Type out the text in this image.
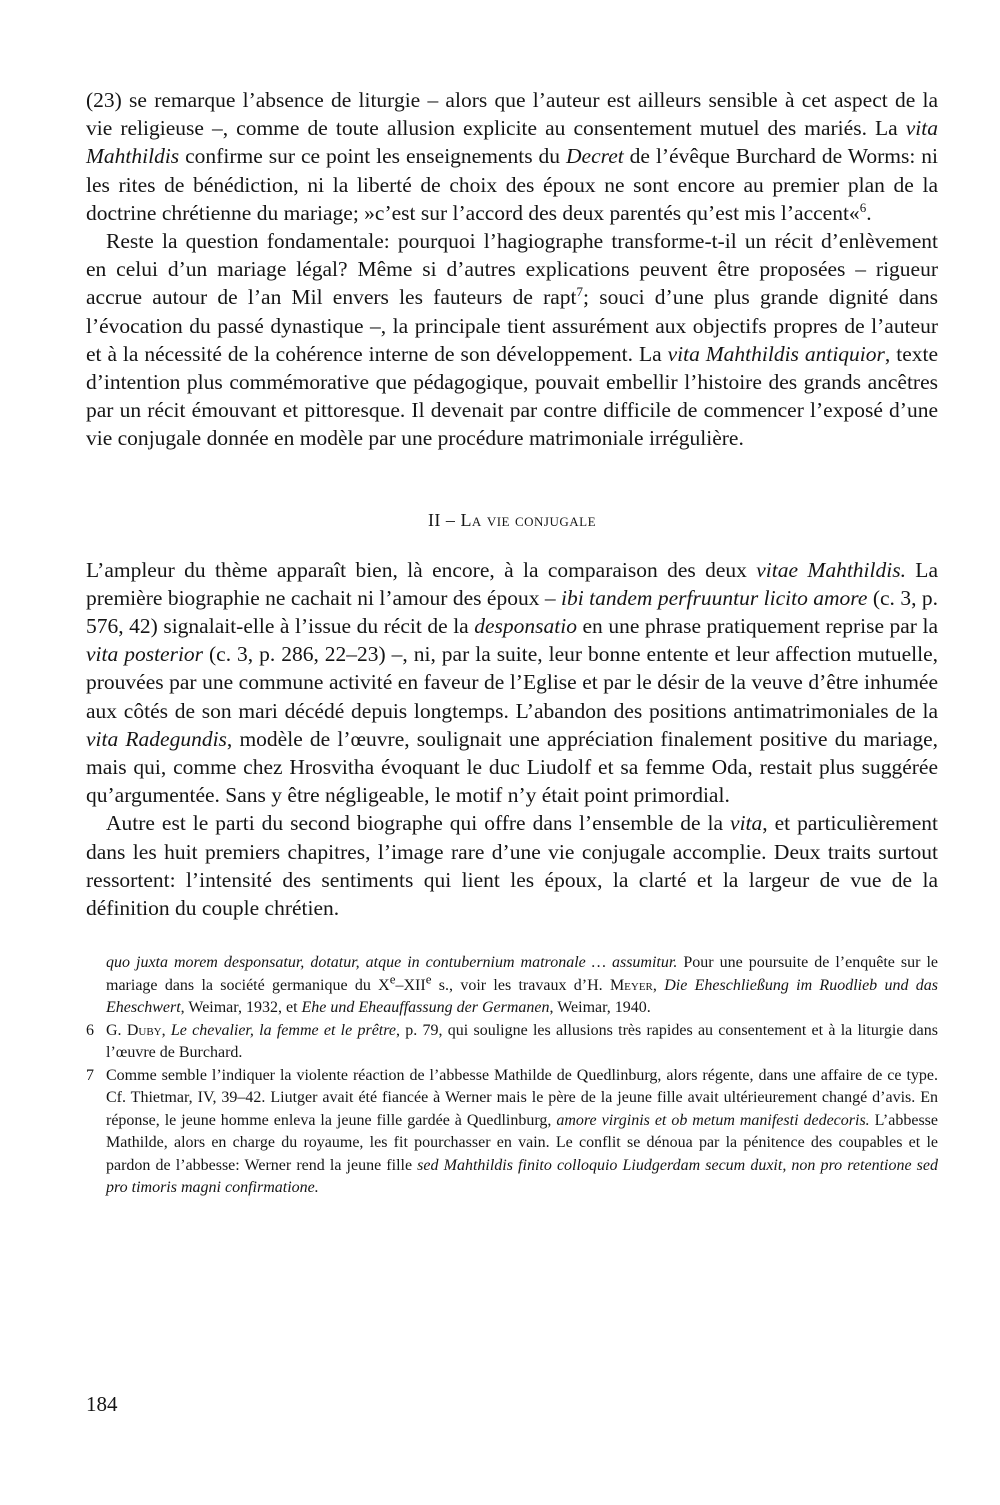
(23) se remarque l’absence de liturgie – alors que l’auteur est ailleurs sensible à cet aspect de la vie religieuse –, comme de toute allusion explicite au consentement mutuel des mariés. La vita Mahthildis confirme sur ce point les enseignements du Decret de l’évêque Burchard de Worms: ni les rites de bénédiction, ni la liberté de choix des époux ne sont encore au premier plan de la doctrine chrétienne du mariage; »c’est sur l’accord des deux parentés qu’est mis l’accent«$^6$.

Reste la question fondamentale: pourquoi l’hagiographe transforme-t-il un récit d’enlèvement en celui d’un mariage légal? Même si d’autres explications peuvent être proposées – rigueur accrue autour de l’an Mil envers les fauteurs de rapt$^7$; souci d’une plus grande dignité dans l’évocation du passé dynastique –, la principale tient assurément aux objectifs propres de l’auteur et à la nécessité de la cohérence interne de son développement. La vita Mahthildis antiquior, texte d’intention plus commémorative que pédagogique, pouvait embellir l’histoire des grands ancêtres par un récit émouvant et pittoresque. Il devenait par contre difficile de commencer l’exposé d’une vie conjugale donnée en modèle par une procédure matrimoniale irrégulière.

II – La vie conjugale

L’ampleur du thème apparaît bien, là encore, à la comparaison des deux vitae Mahthildis. La première biographie ne cachait ni l’amour des époux – ibi tandem perfruuntur licito amore (c. 3, p. 576, 42) signalait-elle à l’issue du récit de la desponsatio en une phrase pratiquement reprise par la vita posterior (c. 3, p. 286, 22–23) –, ni, par la suite, leur bonne entente et leur affection mutuelle, prouvées par une commune activité en faveur de l’Eglise et par le désir de la veuve d’être inhumée aux côtés de son mari décédé depuis longtemps. L’abandon des positions antimatrimoniales de la vita Radegundis, modèle de l’œuvre, soulignait une appréciation finalement positive du mariage, mais qui, comme chez Hrosvitha évoquant le duc Liudolf et sa femme Oda, restait plus suggérée qu’argumentée. Sans y être négligeable, le motif n’y était point primordial.

Autre est le parti du second biographe qui offre dans l’ensemble de la vita, et particulièrement dans les huit premiers chapitres, l’image rare d’une vie conjugale accomplie. Deux traits surtout ressortent: l’intensité des sentiments qui lient les époux, la clarté et la largeur de vue de la définition du couple chrétien.

quo juxta morem desponsatur, dotatur, atque in contubernium matronale … assumitur. Pour une poursuite de l’enquête sur le mariage dans la société germanique du Xe–XIIe s., voir les travaux d’H. Meyer, Die Eheschließung im Ruodlieb und das Eheschwert, Weimar, 1932, et Ehe und Eheauffassung der Germanen, Weimar, 1940.

6 G. Duby, Le chevalier, la femme et le prêtre, p. 79, qui souligne les allusions très rapides au consentement et à la liturgie dans l’œuvre de Burchard.

7 Comme semble l’indiquer la violente réaction de l’abbesse Mathilde de Quedlinburg, alors régente, dans une affaire de ce type. Cf. Thietmar, IV, 39–42. Liutger avait été fiancée à Werner mais le père de la jeune fille avait ultérieurement changé d’avis. En réponse, le jeune homme enleva la jeune fille gardée à Quedlinburg, amore virginis et ob metum manifesti dedecoris. L’abbesse Mathilde, alors en charge du royaume, les fit pourchasser en vain. Le conflit se dénoua par la pénitence des coupables et le pardon de l’abbesse: Werner rend la jeune fille sed Mahthildis finito colloquio Liudgerdam secum duxit, non pro retentione sed pro timoris magni confirmatione.

184
